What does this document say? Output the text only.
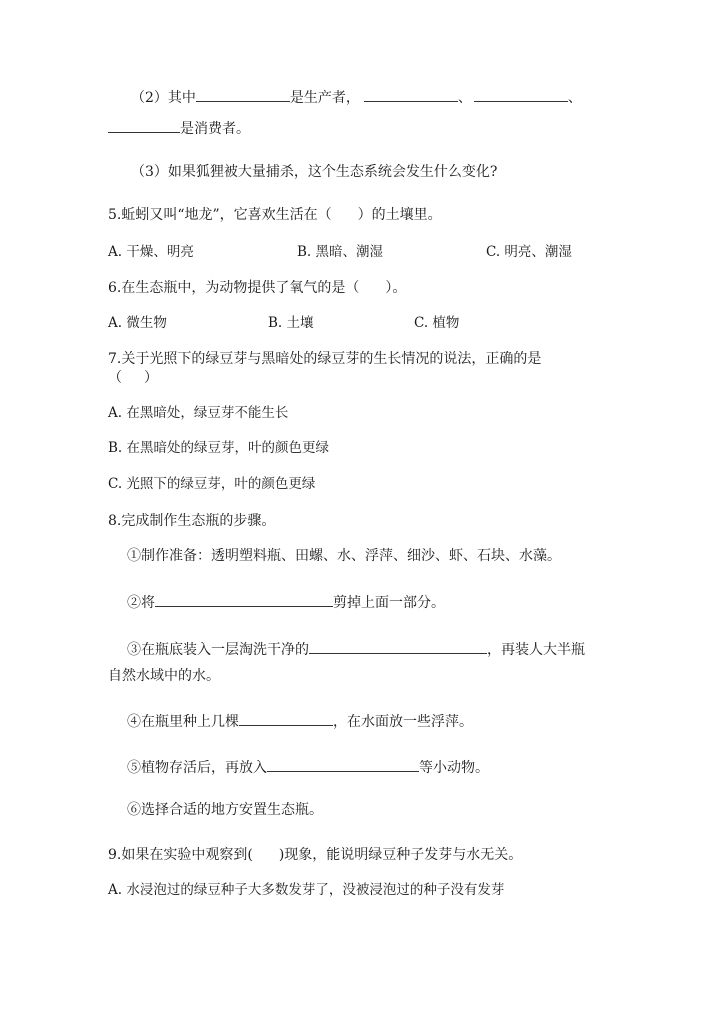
（2）其中	是生产者，	、	、
是消费者。
（3）如果狐狸被大量捕杀，这个生态系统会发生什么变化?
5.蚯蚓又叫“地龙”，它喜欢生活在（ ）的土壤里。
A. 干燥、明亮	B. 黑暗、潮湿	C. 明亮、潮湿
6.在生态瓶中，为动物提供了氧气的是（ ）。
A. 微生物	B. 土壤	C. 植物
7.关于光照下的绿豆芽与黑暗处的绿豆芽的生长情况的说法，正确的是
（ ）
A. 在黑暗处，绿豆芽不能生长
B. 在黑暗处的绿豆芽，叶的颜色更绿
C. 光照下的绿豆芽，叶的颜色更绿
8.完成制作生态瓶的步骤。
①制作准备：透明塑料瓶、田螺、水、浮萍、细沙、虾、石块、水藻。
②将	剪掉上面一部分。
③在瓶底装入一层淘洗干净的	，再装人大半瓶
自然水域中的水。
④在瓶里种上几棵	，在水面放一些浮萍。
⑤植物存活后，再放入	等小动物。
⑥选择合适的地方安置生态瓶。
9.如果在实验中观察到( )现象，能说明绿豆种子发芽与水无关。
A. 水浸泡过的绿豆种子大多数发芽了，没被浸泡过的种子没有发芽
